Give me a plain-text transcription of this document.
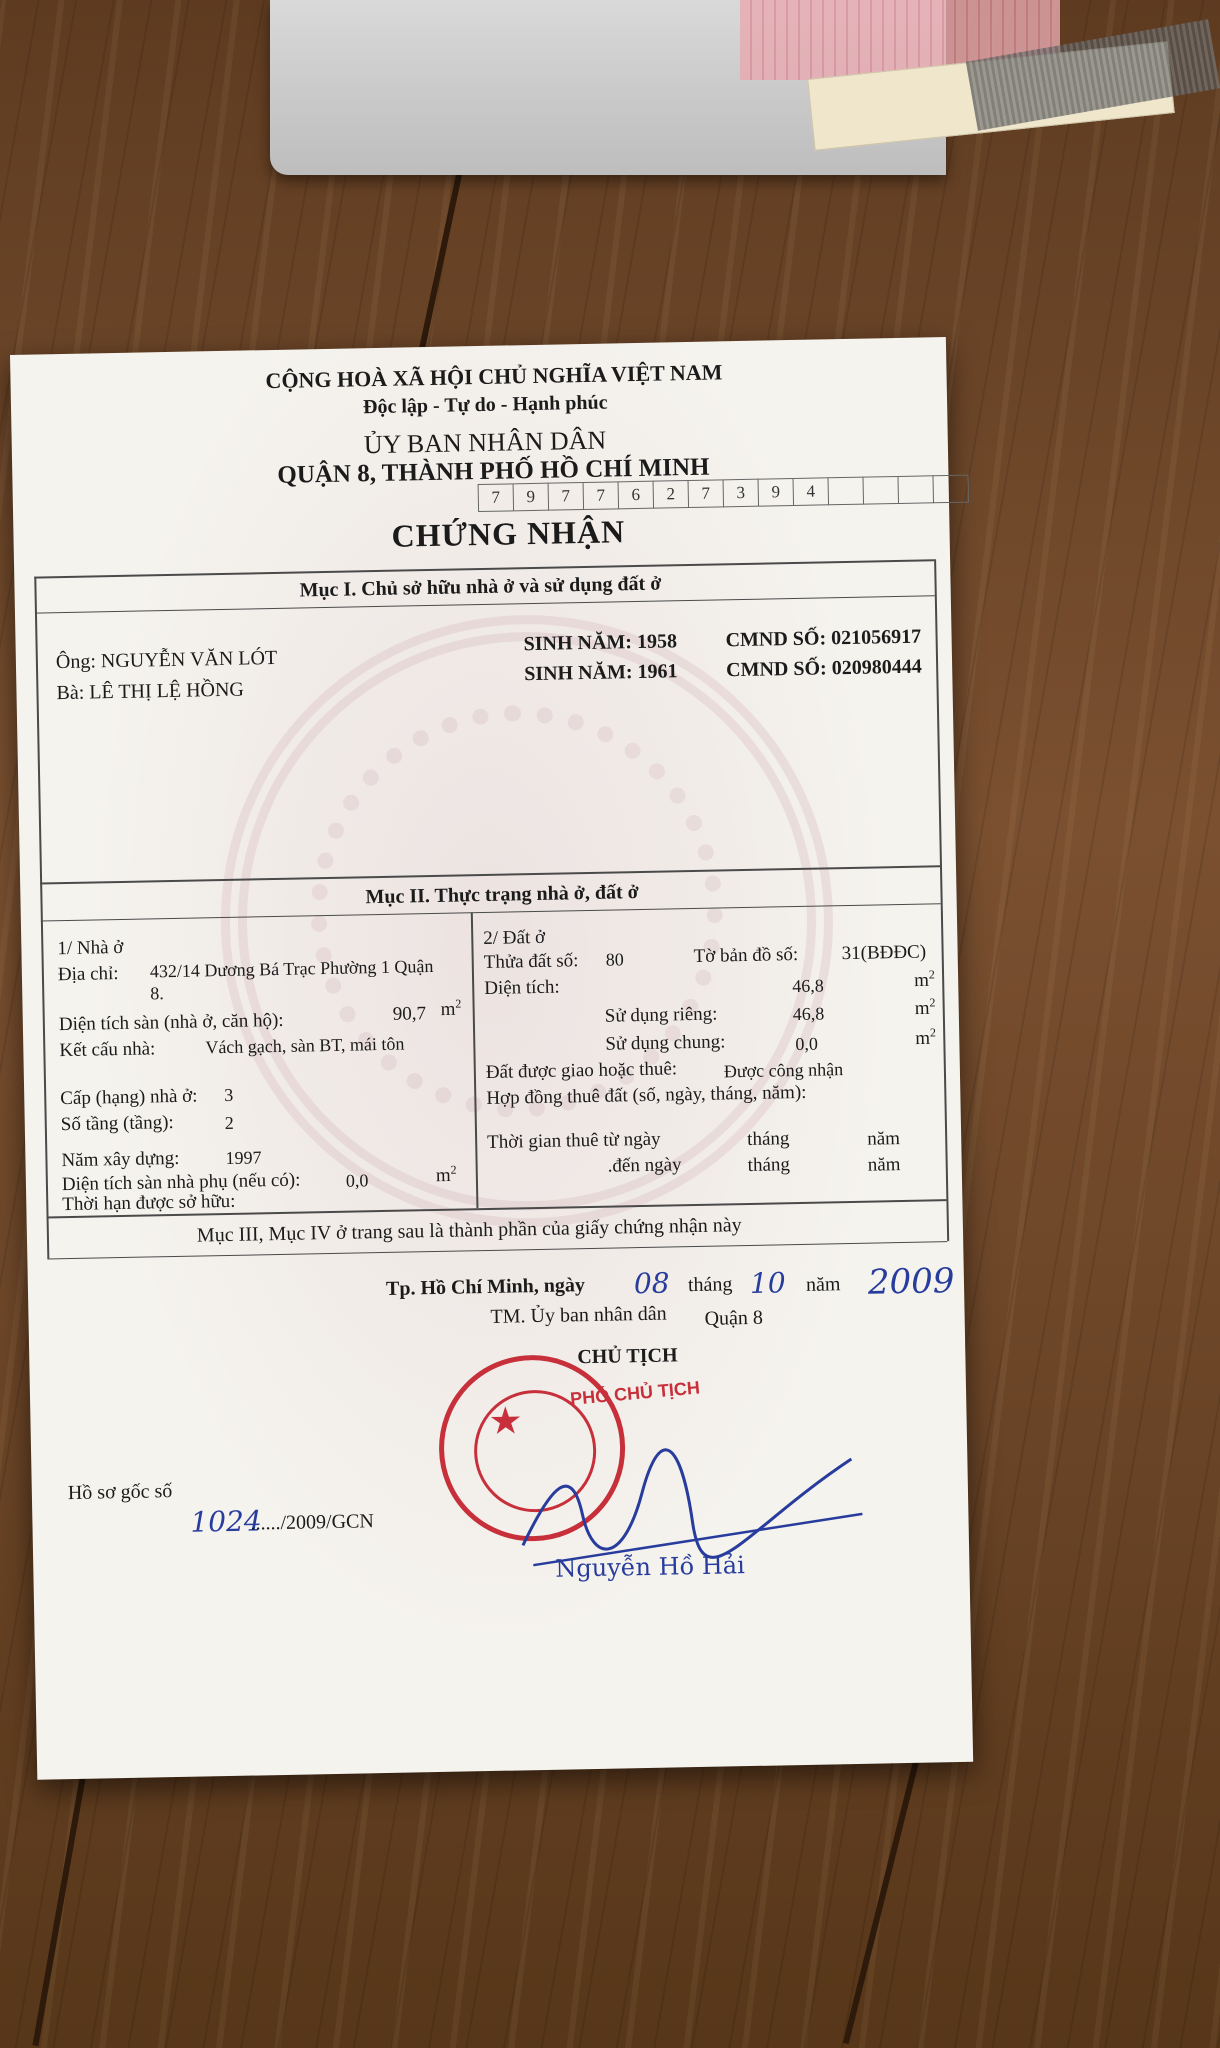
CỘNG HOÀ XÃ HỘI CHỦ NGHĨA VIỆT NAM
Độc lập - Tự do - Hạnh phúc
ỦY BAN NHÂN DÂN
QUẬN 8, THÀNH PHỐ HỒ CHÍ MINH
7	9	7	7	6	2	7	3	9	4
CHỨNG NHẬN
Mục I. Chủ sở hữu nhà ở và sử dụng đất ở
Ông: NGUYỄN VĂN LÓT
SINH NĂM: 1958 CMND SỐ: 021056917
Bà: LÊ THỊ LỆ HỒNG
SINH NĂM: 1961 CMND SỐ: 020980444
Mục II. Thực trạng nhà ở, đất ở
1/ Nhà ở
Địa chỉ: 432/14 Dương Bá Trạc Phường 1 Quận
8.
Diện tích sàn (nhà ở, căn hộ):	90,7 $m^2$
Kết cấu nhà:	Vách gạch, sàn BT, mái tôn
Cấp (hạng) nhà ở: 3
Số tầng (tầng):	2
Năm xây dựng:	1997
Diện tích sàn nhà phụ (nếu có):	0,0	$m^2$
Thời hạn được sở hữu:
2/ Đất ở
Thửa đất số: 80	Tờ bản đồ số: 31(BĐĐC)
Diện tích:	46,8	$m^2$
Sử dụng riêng:	46,8	$m^2$
Sử dụng chung:	0,0	$m^2$
Đất được giao hoặc thuê:	Được công nhận
Hợp đồng thuê đất (số, ngày, tháng, năm):
Thời gian thuê từ ngày	tháng	năm
.đến ngày	tháng	năm
Mục III, Mục IV ở trang sau là thành phần của giấy chứng nhận này
Tp. Hồ Chí Minh, ngày 08 tháng 10 năm 2009
TM. Ủy ban nhân dân Quận 8
CHỦ TỊCH
★
PHÓ CHỦ TỊCH
Nguyễn Hồ Hải
Hồ sơ gốc số
1024
....../2009/GCN
